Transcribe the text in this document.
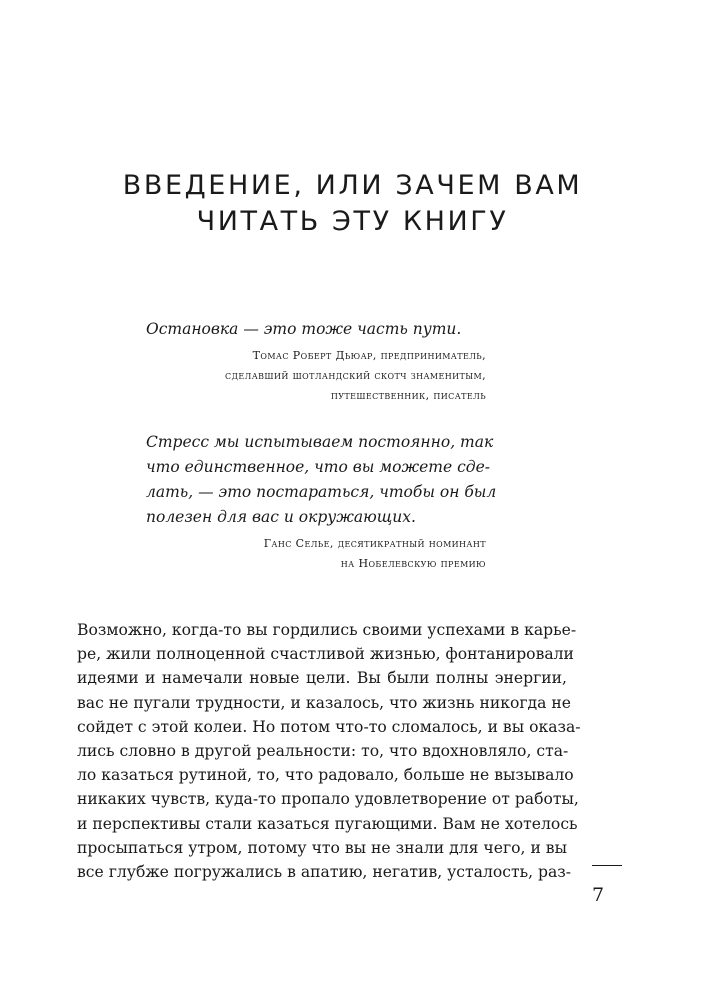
ВВЕДЕНИЕ, ИЛИ ЗАЧЕМ ВАМ
ЧИТАТЬ ЭТУ КНИГУ
Остановка — это тоже часть пути.
Томас Роберт Дьюар, предприниматель,
сделавший шотландский скотч знаменитым,
путешественник, писатель
Стресс мы испытываем постоянно, так
что единственное, что вы можете сде-
лать, — это постараться, чтобы он был
полезен для вас и окружающих.
Ганс Селье, десятикратный номинант
на Нобелевскую премию
Возможно, когда-то вы гордились своими успехами в карье-
ре, жили полноценной счастливой жизнью, фонтанировали
идеями и намечали новые цели. Вы были полны энергии,
вас не пугали трудности, и казалось, что жизнь никогда не
сойдет с этой колеи. Но потом что-то сломалось, и вы оказа-
лись словно в другой реальности: то, что вдохновляло, ста-
ло казаться рутиной, то, что радовало, больше не вызывало
никаких чувств, куда-то пропало удовлетворение от работы,
и перспективы стали казаться пугающими. Вам не хотелось
просыпаться утром, потому что вы не знали для чего, и вы
все глубже погружались в апатию, негатив, усталость, раз-
7
